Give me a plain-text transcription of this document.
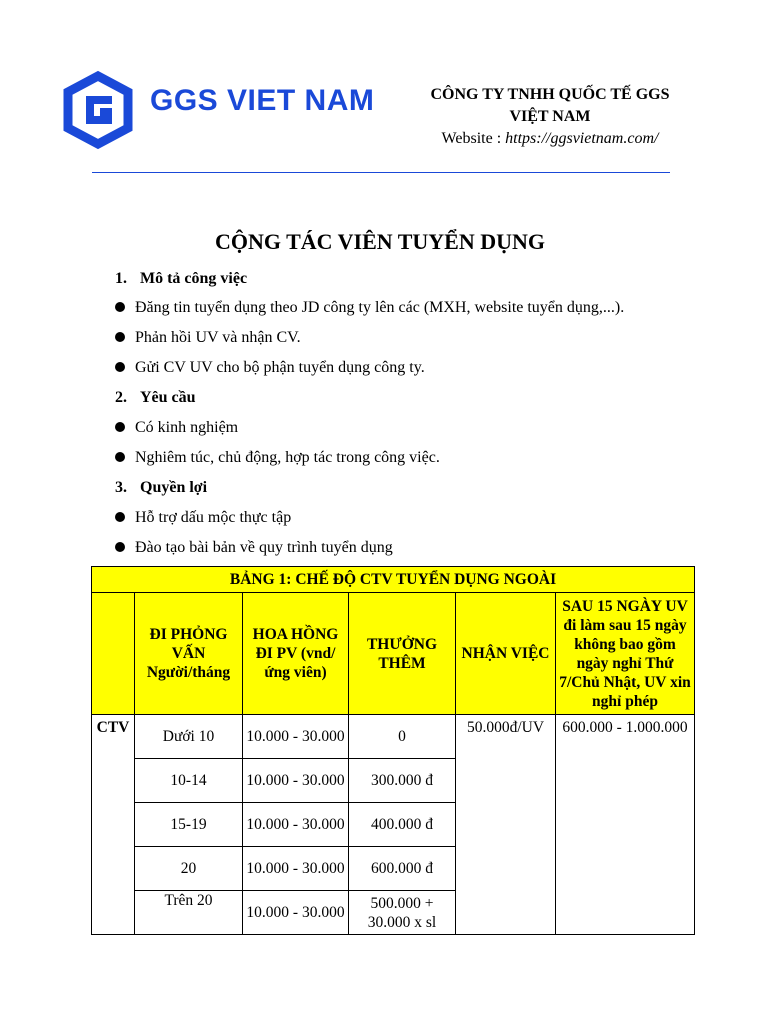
GGS VIET NAM	CÔNG TY TNHH QUỐC TẾ GGS
VIỆT NAM
Website : https://ggsvietnam.com/
CỘNG TÁC VIÊN TUYỂN DỤNG
1. Mô tả công việc
Đăng tin tuyển dụng theo JD công ty lên các (MXH, website tuyển dụng,...).
Phản hồi UV và nhận CV.
Gửi CV UV cho bộ phận tuyển dụng công ty.
2. Yêu cầu
Có kinh nghiệm
Nghiêm túc, chủ động, hợp tác trong công việc.
3. Quyền lợi
Hỗ trợ dấu mộc thực tập
Đào tạo bài bản về quy trình tuyển dụng
BẢNG 1: CHẾ ĐỘ CTV TUYỂN DỤNG NGOÀI					
	ĐI PHỎNG VẤN Người/tháng	HOA HỒNG ĐI PV (vnd/ứng viên)	THƯỞNG THÊM	NHẬN VIỆC	SAU 15 NGÀY UV đi làm sau 15 ngày không bao gồm ngày nghỉ Thứ 7/Chủ Nhật, UV xin nghỉ phép
CTV	Dưới 10	10.000 - 30.000	0	50.000đ/UV	600.000 - 1.000.000
	10-14	10.000 - 30.000	300.000 đ		
	15-19	10.000 - 30.000	400.000 đ		
	20	10.000 - 30.000	600.000 đ		
	Trên 20	10.000 - 30.000	500.000 + 30.000 x sl		
